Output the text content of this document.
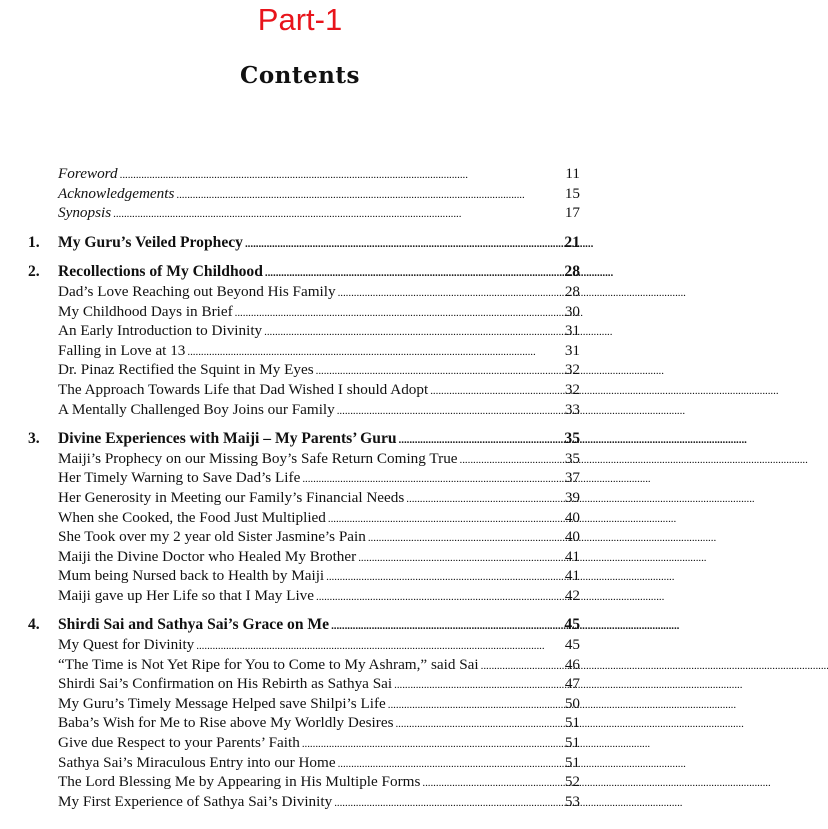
Part-1
Contents
Foreword . . .	11
Acknowledgements . . .	15
Synopsis . . .	17
1.	My Guru’s Veiled Prophecy . . .	21
2.	Recollections of My Childhood . . .	28
Dad’s Love Reaching out Beyond His Family . . .	28
My Childhood Days in Brief . . .	30
An Early Introduction to Divinity . . .	31
Falling in Love at 13 . . .	31
Dr. Pinaz Rectified the Squint in My Eyes . . .	32
The Approach Towards Life that Dad Wished I should Adopt . . .	32
A Mentally Challenged Boy Joins our Family . . .	33
3.	Divine Experiences with Maiji – My Parents’ Guru . . .	35
Maiji’s Prophecy on our Missing Boy’s Safe Return Coming True . . .	35
Her Timely Warning to Save Dad’s Life . . .	37
Her Generosity in Meeting our Family’s Financial Needs . . .	39
When she Cooked, the Food Just Multiplied . . .	40
She Took over my 2 year old Sister Jasmine’s Pain . . .	40
Maiji the Divine Doctor who Healed My Brother . . .	41
Mum being Nursed back to Health by Maiji . . .	41
Maiji gave up Her Life so that I May Live . . .	42
4.	Shirdi Sai and Sathya Sai’s Grace on Me . . .	45
My Quest for Divinity . . .	45
“The Time is Not Yet Ripe for You to Come to My Ashram,” said Sai . . .	46
Shirdi Sai’s Confirmation on His Rebirth as Sathya Sai . . .	47
My Guru’s Timely Message Helped save Shilpi’s Life . . .	50
Baba’s Wish for Me to Rise above My Worldly Desires . . .	51
Give due Respect to your Parents’ Faith . . .	51
Sathya Sai’s Miraculous Entry into our Home . . .	51
The Lord Blessing Me by Appearing in His Multiple Forms . . .	52
My First Experience of Sathya Sai’s Divinity . . .	53
